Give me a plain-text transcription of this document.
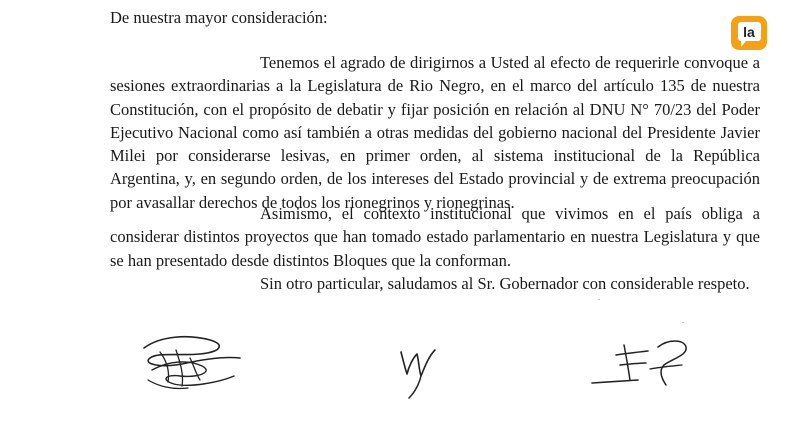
De nuestra mayor consideración:

Tenemos el agrado de dirigirnos a Usted al efecto de requerirle convoque a sesiones extraordinarias a la Legislatura de Rio Negro, en el marco del artículo 135 de nuestra Constitución, con el propósito de debatir y fijar posición en relación al DNU N° 70/23 del Poder Ejecutivo Nacional como así también a otras medidas del gobierno nacional del Presidente Javier Milei por considerarse lesivas, en primer orden, al sistema institucional de la República Argentina, y, en segundo orden, de los intereses del Estado provincial y de extrema preocupación por avasallar derechos de todos los rionegrinos y rionegrinas.

Asimismo, el contexto institucional que vivimos en el país obliga a considerar distintos proyectos que han tomado estado parlamentario en nuestra Legislatura y que se han presentado desde distintos Bloques que la conforman.

Sin otro particular, saludamos al Sr. Gobernador con considerable respeto.

la
